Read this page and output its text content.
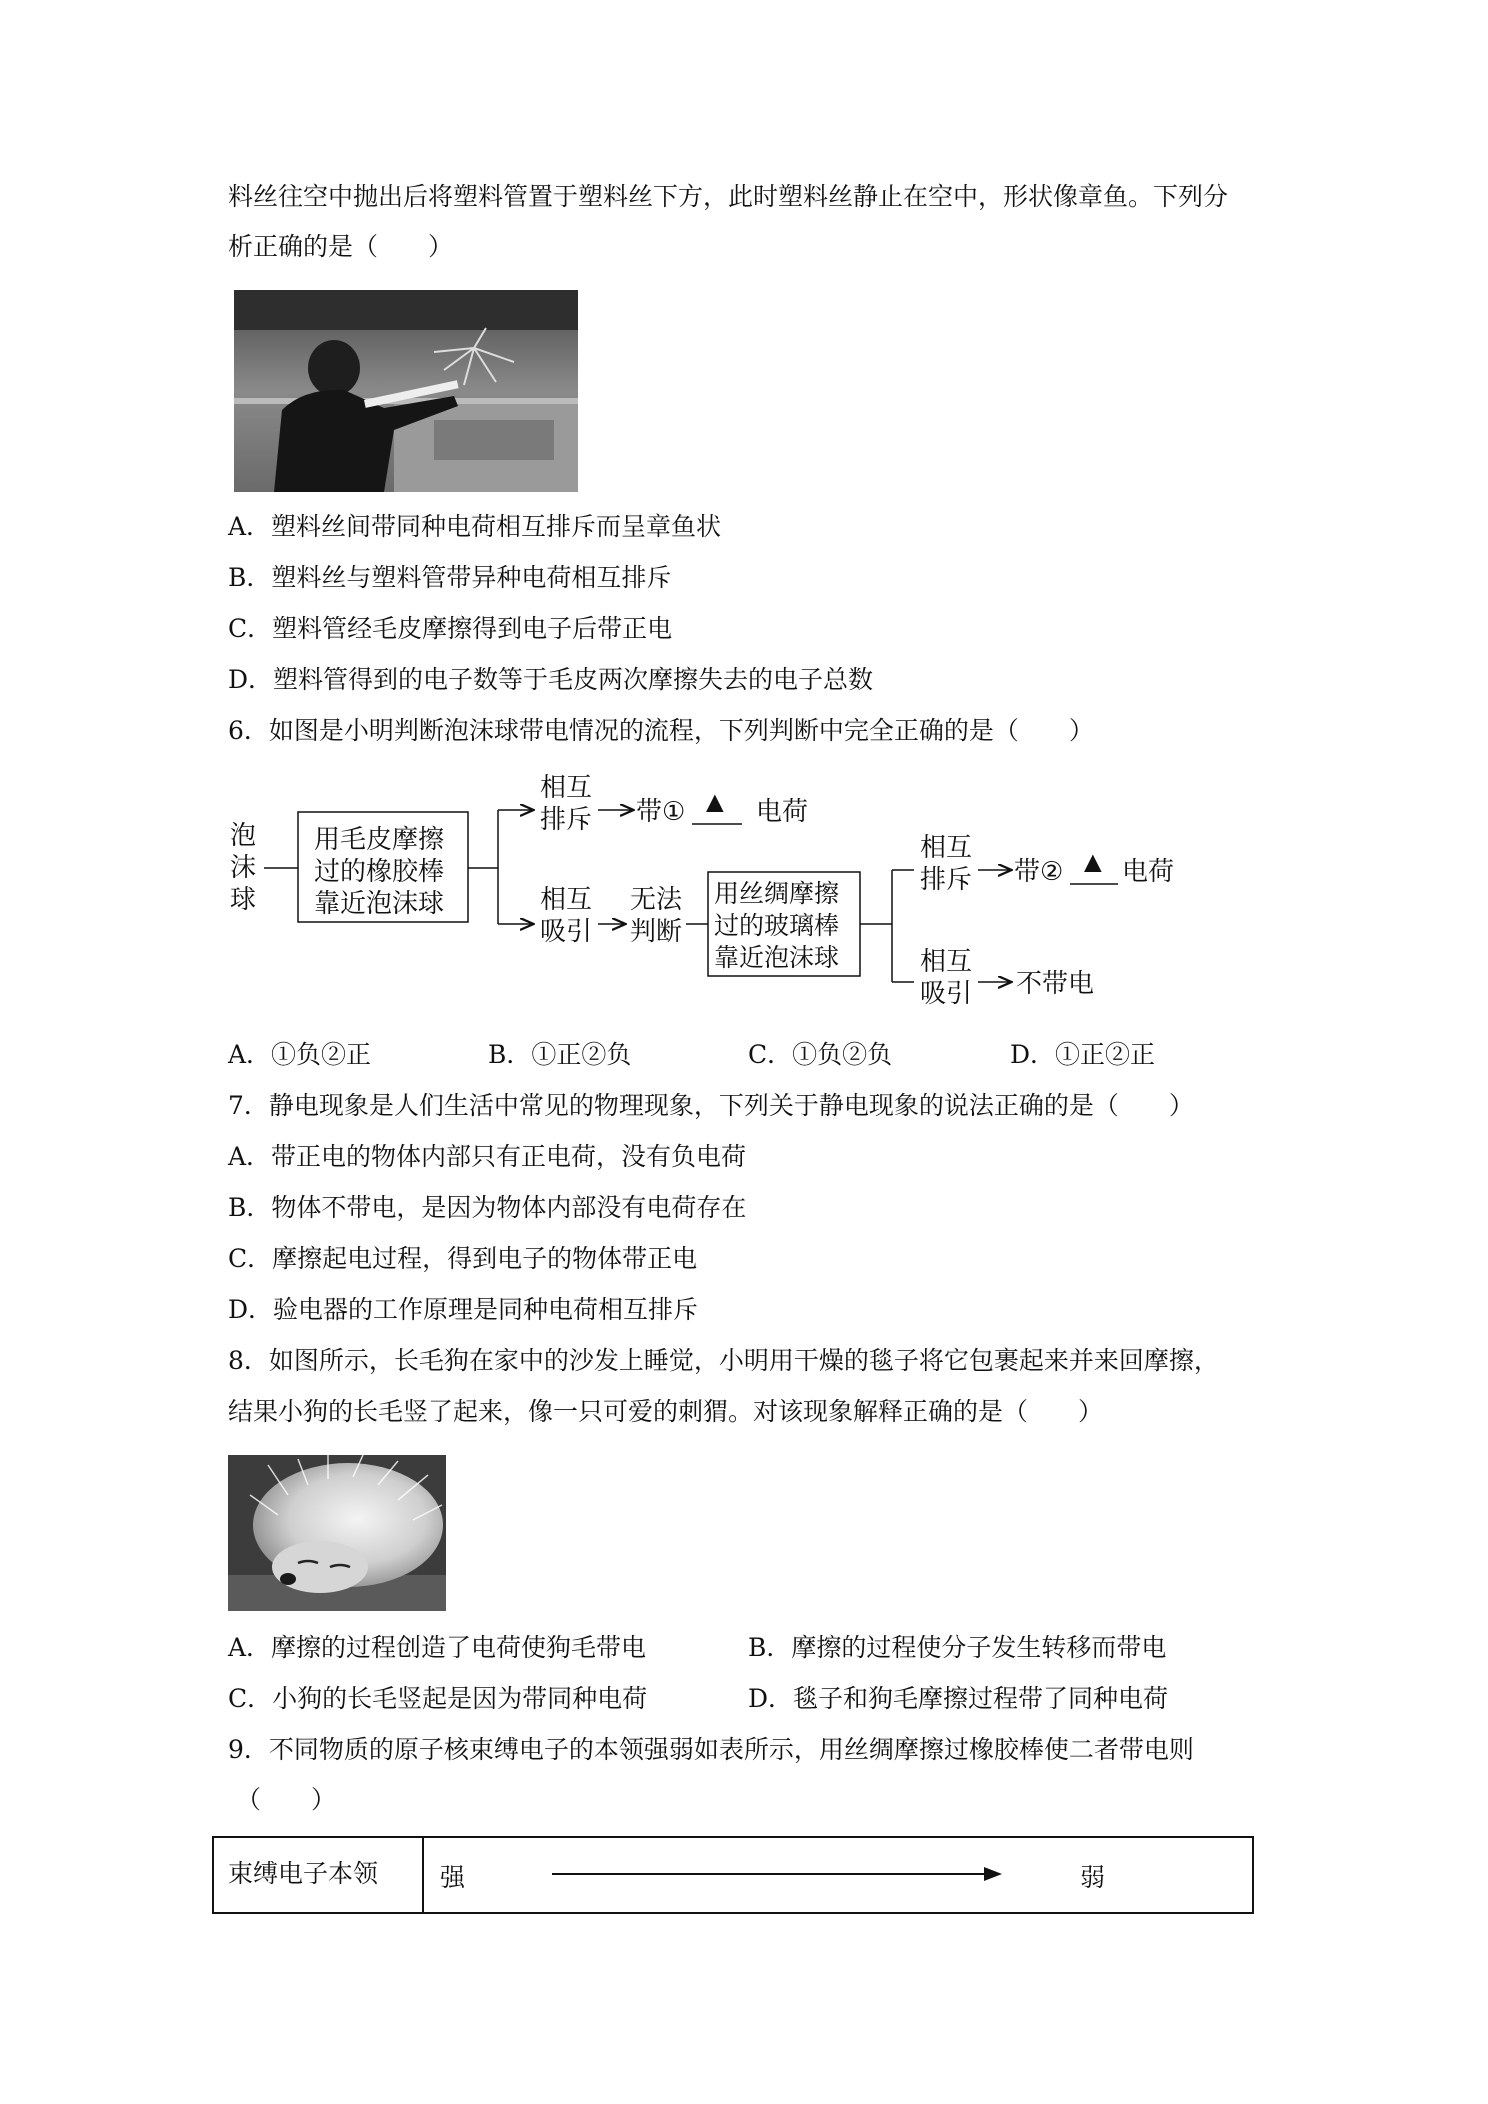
料丝往空中抛出后将塑料管置于塑料丝下方，此时塑料丝静止在空中，形状像章鱼。下列分
析正确的是（　　）
A．塑料丝间带同种电荷相互排斥而呈章鱼状
B．塑料丝与塑料管带异种电荷相互排斥
C．塑料管经毛皮摩擦得到电子后带正电
D．塑料管得到的电子数等于毛皮两次摩擦失去的电子总数
6．如图是小明判断泡沫球带电情况的流程，下列判断中完全正确的是（　　）
泡
沫
球
用毛皮摩擦
过的橡胶棒
靠近泡沫球
相互
排斥 带① ▲ 电荷
相互
吸引
无法
判断
用丝绸摩擦
过的玻璃棒
靠近泡沫球
相互
排斥 带② ▲ 电荷
相互
吸引 不带电
A．①负②正	B．①正②负	C．①负②负	D．①正②正
7．静电现象是人们生活中常见的物理现象，下列关于静电现象的说法正确的是（　　）
A．带正电的物体内部只有正电荷，没有负电荷
B．物体不带电，是因为物体内部没有电荷存在
C．摩擦起电过程，得到电子的物体带正电
D．验电器的工作原理是同种电荷相互排斥
8．如图所示，长毛狗在家中的沙发上睡觉，小明用干燥的毯子将它包裹起来并来回摩擦，
结果小狗的长毛竖了起来，像一只可爱的刺猬。对该现象解释正确的是（　　）
A．摩擦的过程创造了电荷使狗毛带电	B．摩擦的过程使分子发生转移而带电
C．小狗的长毛竖起是因为带同种电荷	D．毯子和狗毛摩擦过程带了同种电荷
9．不同物质的原子核束缚电子的本领强弱如表所示，用丝绸摩擦过橡胶棒使二者带电则
（　　）
束缚电子本领	强	弱
